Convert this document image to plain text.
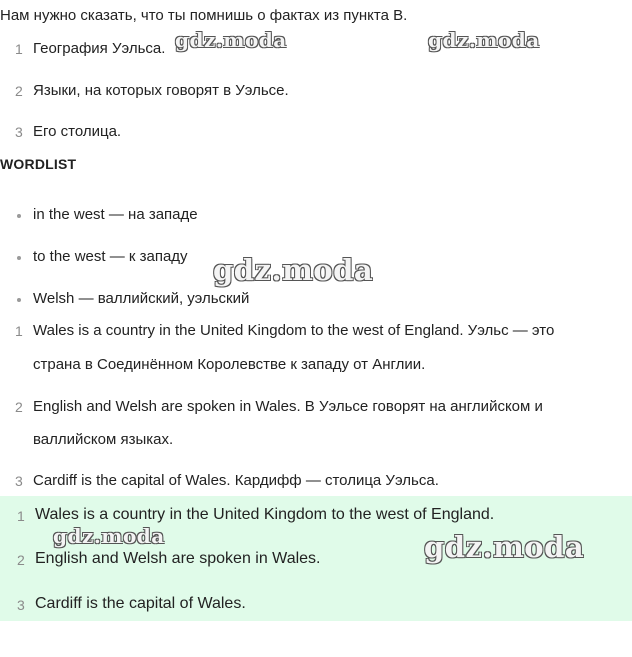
Нам нужно сказать, что ты помнишь о фактах из пункта B.
1 География Уэльса.
2 Языки, на которых говорят в Уэльсе.
3 Его столица.
WORDLIST
in the west — на западе
to the west — к западу
Welsh — валлийский, уэльский
1 Wales is a country in the United Kingdom to the west of England. Уэльс — это
страна в Соединённом Королевстве к западу от Англии.
2 English and Welsh are spoken in Wales. В Уэльсе говорят на английском и
валлийском языках.
3 Cardiff is the capital of Wales. Кардифф — столица Уэльса.
1 Wales is a country in the United Kingdom to the west of England.
2 English and Welsh are spoken in Wales.
3 Cardiff is the capital of Wales.
gdz.moda	gdz.moda
gdz.moda
gdz.moda	gdz.moda
